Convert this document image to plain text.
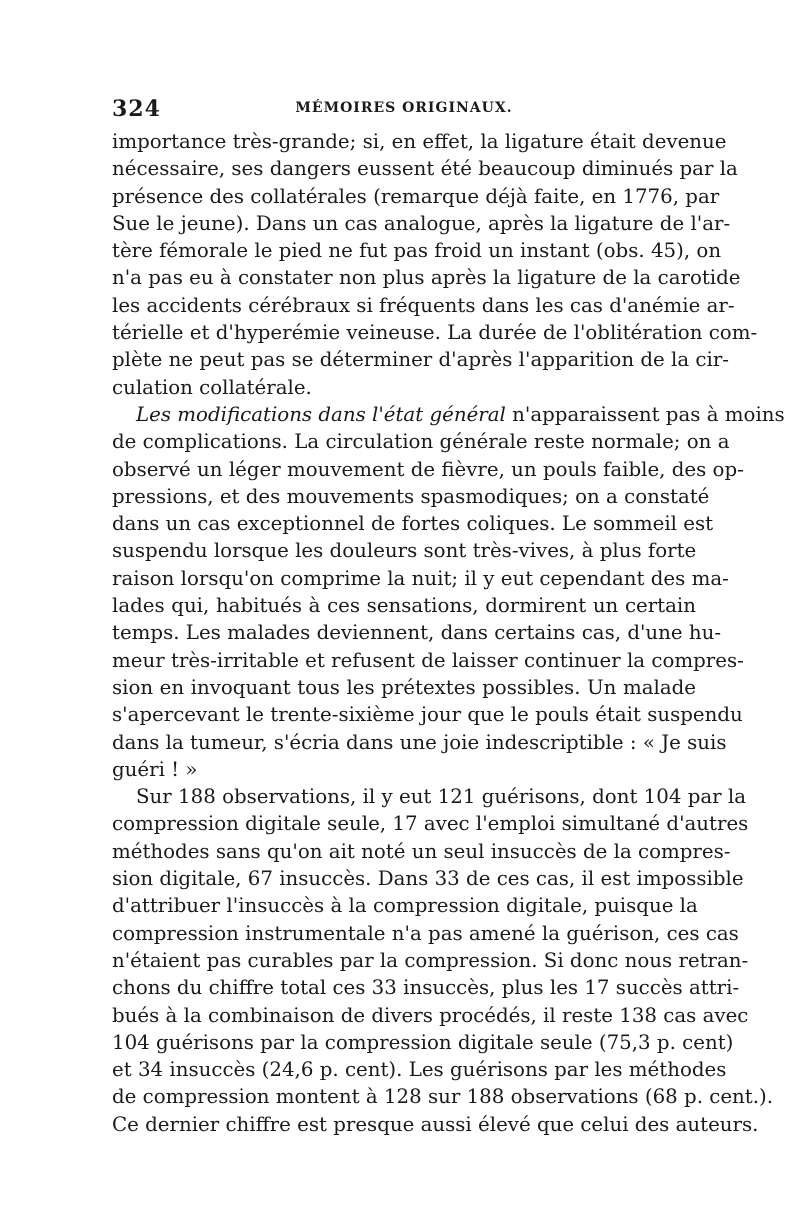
324	MÉMOIRES ORIGINAUX.
importance très-grande; si, en effet, la ligature était devenue
nécessaire, ses dangers eussent été beaucoup diminués par la
présence des collatérales (remarque déjà faite, en 1776, par
Sue le jeune). Dans un cas analogue, après la ligature de l'ar-
tère fémorale le pied ne fut pas froid un instant (obs. 45), on
n'a pas eu à constater non plus après la ligature de la carotide
les accidents cérébraux si fréquents dans les cas d'anémie ar-
térielle et d'hyperémie veineuse. La durée de l'oblitération com-
plète ne peut pas se déterminer d'après l'apparition de la cir-
culation collatérale.
Les modifications dans l'état général n'apparaissent pas à moins
de complications. La circulation générale reste normale; on a
observé un léger mouvement de fièvre, un pouls faible, des op-
pressions, et des mouvements spasmodiques; on a constaté
dans un cas exceptionnel de fortes coliques. Le sommeil est
suspendu lorsque les douleurs sont très-vives, à plus forte
raison lorsqu'on comprime la nuit; il y eut cependant des ma-
lades qui, habitués à ces sensations, dormirent un certain
temps. Les malades deviennent, dans certains cas, d'une hu-
meur très-irritable et refusent de laisser continuer la compres-
sion en invoquant tous les prétextes possibles. Un malade
s'apercevant le trente-sixième jour que le pouls était suspendu
dans la tumeur, s'écria dans une joie indescriptible : « Je suis
guéri ! »
Sur 188 observations, il y eut 121 guérisons, dont 104 par la
compression digitale seule, 17 avec l'emploi simultané d'autres
méthodes sans qu'on ait noté un seul insuccès de la compres-
sion digitale, 67 insuccès. Dans 33 de ces cas, il est impossible
d'attribuer l'insuccès à la compression digitale, puisque la
compression instrumentale n'a pas amené la guérison, ces cas
n'étaient pas curables par la compression. Si donc nous retran-
chons du chiffre total ces 33 insuccès, plus les 17 succès attri-
bués à la combinaison de divers procédés, il reste 138 cas avec
104 guérisons par la compression digitale seule (75,3 p. cent)
et 34 insuccès (24,6 p. cent). Les guérisons par les méthodes
de compression montent à 128 sur 188 observations (68 p. cent.).
Ce dernier chiffre est presque aussi élevé que celui des auteurs.
